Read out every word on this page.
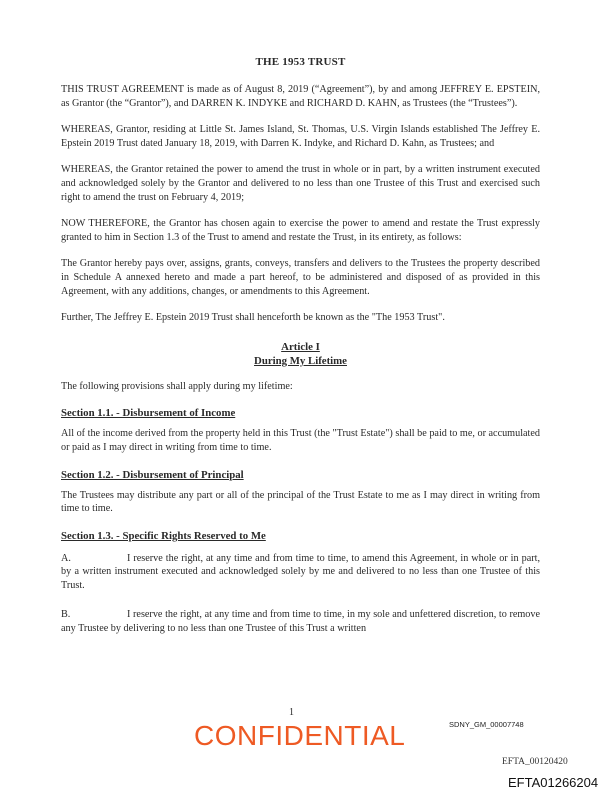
THE 1953 TRUST

THIS TRUST AGREEMENT is made as of August 8, 2019 (“Agreement”), by and among JEFFREY E. EPSTEIN, as Grantor (the “Grantor”), and DARREN K. INDYKE and RICHARD D. KAHN, as Trustees (the “Trustees”).

WHEREAS, Grantor, residing at Little St. James Island, St. Thomas, U.S. Virgin Islands established The Jeffrey E. Epstein 2019 Trust dated January 18, 2019, with Darren K. Indyke, and Richard D. Kahn, as Trustees; and

WHEREAS, the Grantor retained the power to amend the trust in whole or in part, by a written instrument executed and acknowledged solely by the Grantor and delivered to no less than one Trustee of this Trust and exercised such right to amend the trust on February 4, 2019;

NOW THEREFORE, the Grantor has chosen again to exercise the power to amend and restate the Trust expressly granted to him in Section 1.3 of the Trust to amend and restate the Trust, in its entirety, as follows:

The Grantor hereby pays over, assigns, grants, conveys, transfers and delivers to the Trustees the property described in Schedule A annexed hereto and made a part hereof, to be administered and disposed of as provided in this Agreement, with any additions, changes, or amendments to this Agreement.

Further, The Jeffrey E. Epstein 2019 Trust shall henceforth be known as the "The 1953 Trust".

Article I
During My Lifetime

The following provisions shall apply during my lifetime:

Section 1.1. - Disbursement of Income

All of the income derived from the property held in this Trust (the "Trust Estate") shall be paid to me, or accumulated or paid as I may direct in writing from time to time.

Section 1.2. - Disbursement of Principal

The Trustees may distribute any part or all of the principal of the Trust Estate to me as I may direct in writing from time to time.

Section 1.3. - Specific Rights Reserved to Me

A.	I reserve the right, at any time and from time to time, to amend this Agreement, in whole or in part, by a written instrument executed and acknowledged solely by me and delivered to no less than one Trustee of this Trust.

B.	I reserve the right, at any time and from time to time, in my sole and unfettered discretion, to remove any Trustee by delivering to no less than one Trustee of this Trust a written

1
CONFIDENTIAL	SDNY_GM_00007748
EFTA_00120420
EFTA01266204
